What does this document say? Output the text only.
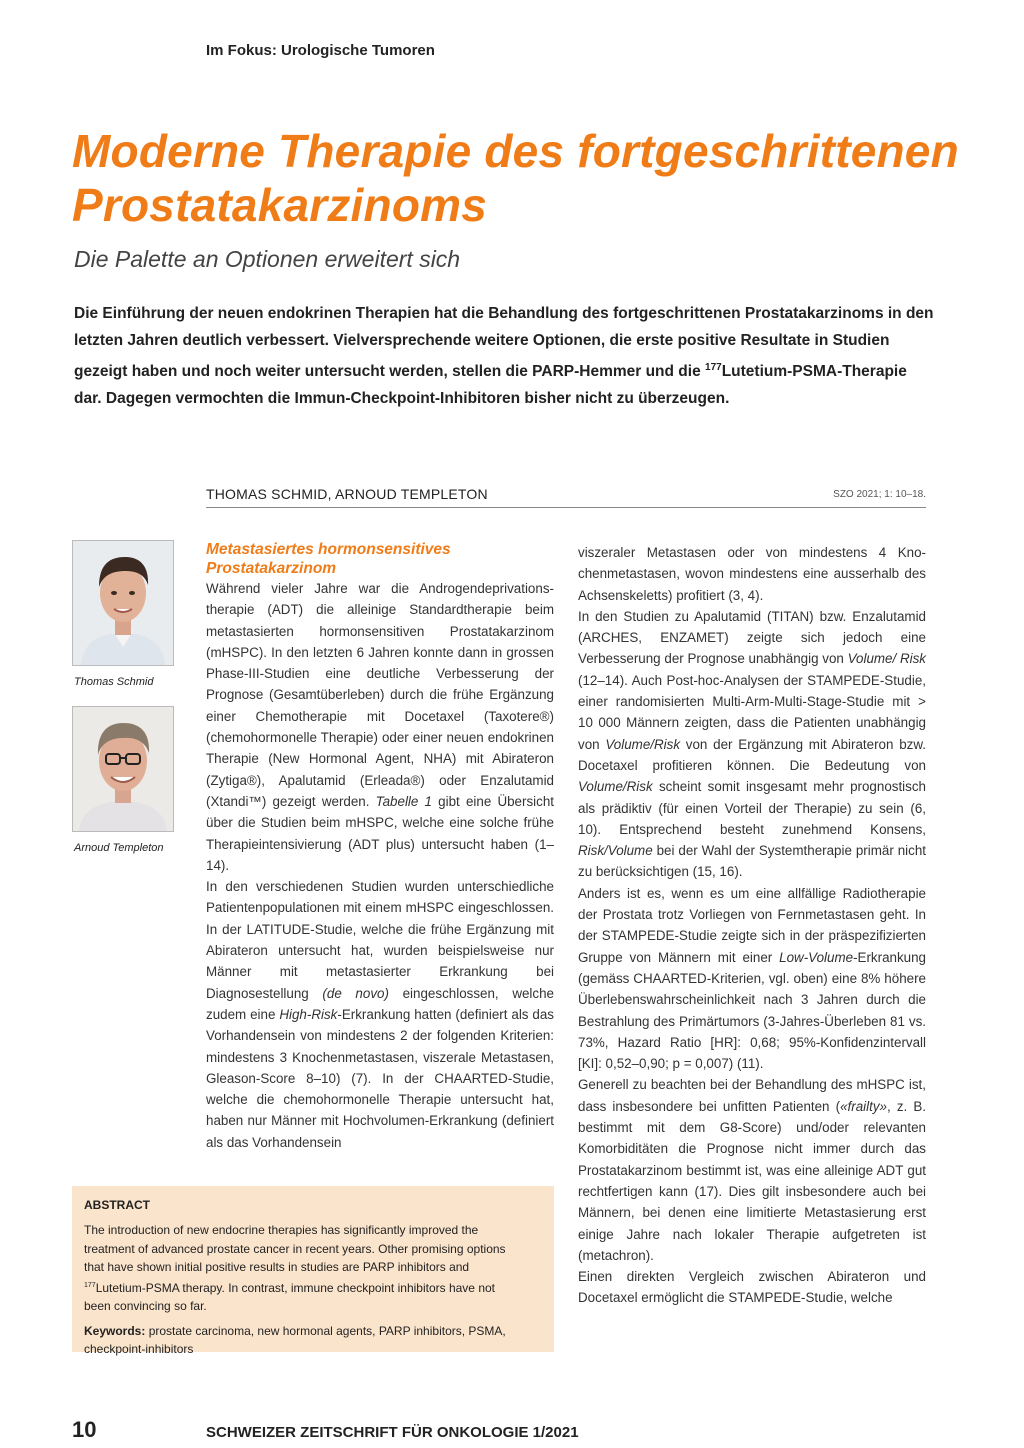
Im Fokus: Urologische Tumoren
Moderne Therapie des fortgeschrittenen
Prostatakarzinoms
Die Palette an Optionen erweitert sich

Die Einführung der neuen endokrinen Therapien hat die Behandlung des fortgeschrittenen Prostatakarzinoms in den letzten Jahren deutlich verbessert. Vielversprechende weitere Optionen, die erste positive Resultate in Studien gezeigt haben und noch weiter untersucht werden, stellen die PARP-Hemmer und die $^{177}$Lutetium-PSMA-Therapie dar. Dagegen vermochten die Immun-Checkpoint-Inhibitoren bisher nicht zu überzeugen.

THOMAS SCHMID, ARNOUD TEMPLETON	SZO 2021; 1: 10–18.
Thomas Schmid
Arnoud Templeton
Metastasiertes hormonsensitives
Prostatakarzinom

Während vieler Jahre war die Androgendeprivationstherapie (ADT) die alleinige Standardtherapie beim metastasierten hormonsensitiven Prostatakarzinom (mHSPC). In den letzten 6 Jahren konnte dann in grossen Phase-III-Studien eine deutliche Verbesserung der Prognose (Gesamtüberleben) durch die frühe Ergänzung einer Chemotherapie mit Docetaxel (Taxotere®) (chemohormonelle Therapie) oder einer neuen endokrinen Therapie (New Hormonal Agent, NHA) mit Abirateron (Zytiga®), Apalutamid (Erleada®) oder Enzalutamid (Xtandi™) gezeigt werden. Tabelle 1 gibt eine Übersicht über die Studien beim mHSPC, welche eine solche frühe Therapieintensivierung (ADT plus) untersucht haben (1–14).

In den verschiedenen Studien wurden unterschiedliche Patientenpopulationen mit einem mHSPC eingeschlossen. In der LATITUDE-Studie, welche die frühe Ergänzung mit Abirateron untersucht hat, wurden beispielsweise nur Männer mit metastasierter Erkrankung bei Diagnosestellung (de novo) eingeschlossen, welche zudem eine High-Risk-Erkrankung hatten (definiert als das Vorhandensein von mindestens 2 der folgenden Kriterien: mindestens 3 Knochenmetastasen, viszerale Metastasen, Gleason-Score 8–10) (7). In der CHAARTED-Studie, welche die chemohormonelle Therapie untersucht hat, haben nur Männer mit Hochvolumen-Erkrankung (definiert als das Vorhandensein

viszeraler Metastasen oder von mindestens 4 Knochenmetastasen, wovon mindestens eine ausserhalb des Achsenskeletts) profitiert (3, 4).

In den Studien zu Apalutamid (TITAN) bzw. Enzalutamid (ARCHES, ENZAMET) zeigte sich jedoch eine Verbesserung der Prognose unabhängig von Volume/ Risk (12–14). Auch Post-hoc-Analysen der STAMPEDE-Studie, einer randomisierten Multi-Arm-Multi-Stage-Studie mit > 10 000 Männern zeigten, dass die Patienten unabhängig von Volume/Risk von der Ergänzung mit Abirateron bzw. Docetaxel profitieren können. Die Bedeutung von Volume/Risk scheint somit insgesamt mehr prognostisch als prädiktiv (für einen Vorteil der Therapie) zu sein (6, 10). Entsprechend besteht zunehmend Konsens, Risk/Volume bei der Wahl der Systemtherapie primär nicht zu berücksichtigen (15, 16).

Anders ist es, wenn es um eine allfällige Radiotherapie der Prostata trotz Vorliegen von Fernmetastasen geht. In der STAMPEDE-Studie zeigte sich in der präspezifizierten Gruppe von Männern mit einer Low-Volume-Erkrankung (gemäss CHAARTED-Kriterien, vgl. oben) eine 8% höhere Überlebenswahrscheinlichkeit nach 3 Jahren durch die Bestrahlung des Primärtumors (3-Jahres-Überleben 81 vs. 73%, Hazard Ratio [HR]: 0,68; 95%-Konfidenzintervall [KI]: 0,52–0,90; p = 0,007) (11).

Generell zu beachten bei der Behandlung des mHSPC ist, dass insbesondere bei unfitten Patienten («frailty», z. B. bestimmt mit dem G8-Score) und/oder relevanten Komorbiditäten die Prognose nicht immer durch das Prostatakarzinom bestimmt ist, was eine alleinige ADT gut rechtfertigen kann (17). Dies gilt insbesondere auch bei Männern, bei denen eine limitierte Metastasierung erst einige Jahre nach lokaler Therapie aufgetreten ist (metachron).

Einen direkten Vergleich zwischen Abirateron und Docetaxel ermöglicht die STAMPEDE-Studie, welche

ABSTRACT

The introduction of new endocrine therapies has significantly improved the treatment of advanced prostate cancer in recent years. Other promising options that have shown initial positive results in studies are PARP inhibitors and $^{177}$Lutetium-PSMA therapy. In contrast, immune checkpoint inhibitors have not been convincing so far.

Keywords: prostate carcinoma, new hormonal agents, PARP inhibitors, PSMA, checkpoint-inhibitors

10	SCHWEIZER ZEITSCHRIFT FÜR ONKOLOGIE 1/2021
